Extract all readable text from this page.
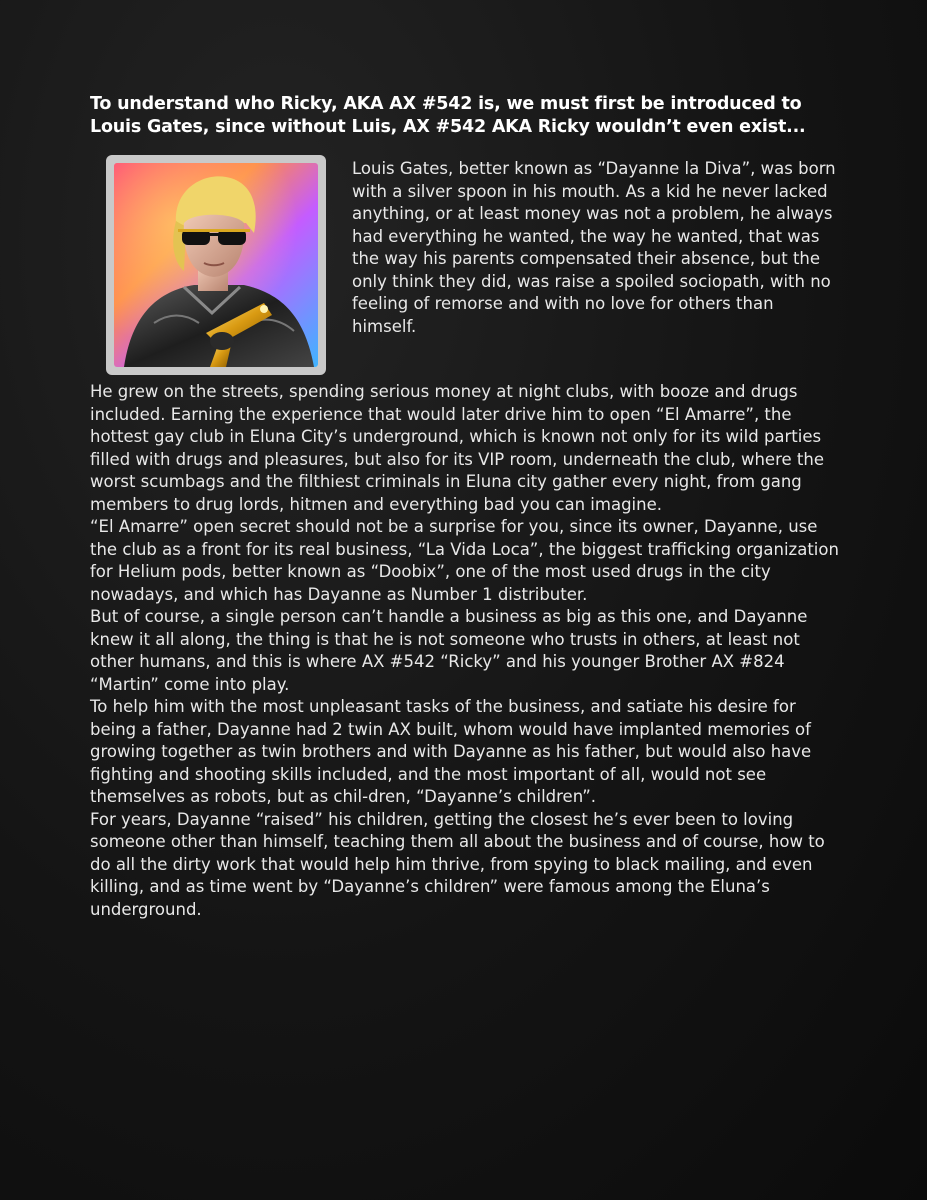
To understand who Ricky, AKA AX #542 is, we must first be introduced to Louis Gates, since without Luis, AX #542 AKA Ricky wouldn’t even exist...

Louis Gates, better known as “Dayanne la Diva”, was born with a silver spoon in his mouth. As a kid he never lacked anything, or at least money was not a problem, he always had everything he wanted, the way he wanted, that was the way his parents compensated their absence, but the only think they did, was raise a spoiled sociopath, with no feeling of remorse and with no love for others than himself.

He grew on the streets, spending serious money at night clubs, with booze and drugs included. Earning the experience that would later drive him to open “El Amarre”, the hottest gay club in Eluna City’s underground, which is known not only for its wild parties filled with drugs and pleasures, but also for its VIP room, underneath the club, where the worst scumbags and the filthiest criminals in Eluna city gather every night, from gang members to drug lords, hitmen and everything bad you can imagine.

“El Amarre” open secret should not be a surprise for you, since its owner, Dayanne, use the club as a front for its real business, “La Vida Loca”, the biggest trafficking organization for Helium pods, better known as “Doobix”, one of the most used drugs in the city nowadays, and which has Dayanne as Number 1 distributer.

But of course, a single person can’t handle a business as big as this one, and Dayanne knew it all along, the thing is that he is not someone who trusts in others, at least not other humans, and this is where AX #542 “Ricky” and his younger Brother AX #824 “Martin” come into play.

To help him with the most unpleasant tasks of the business, and satiate his desire for being a father, Dayanne had 2 twin AX built, whom would have implanted memories of growing together as twin brothers and with Dayanne as his father, but would also have fighting and shooting skills included, and the most important of all, would not see themselves as robots, but as chil-dren, “Dayanne’s children”.

For years, Dayanne “raised” his children, getting the closest he’s ever been to loving someone other than himself, teaching them all about the business and of course, how to do all the dirty work that would help him thrive, from spying to black mailing, and even killing, and as time went by “Dayanne’s children” were famous among the Eluna’s underground.
